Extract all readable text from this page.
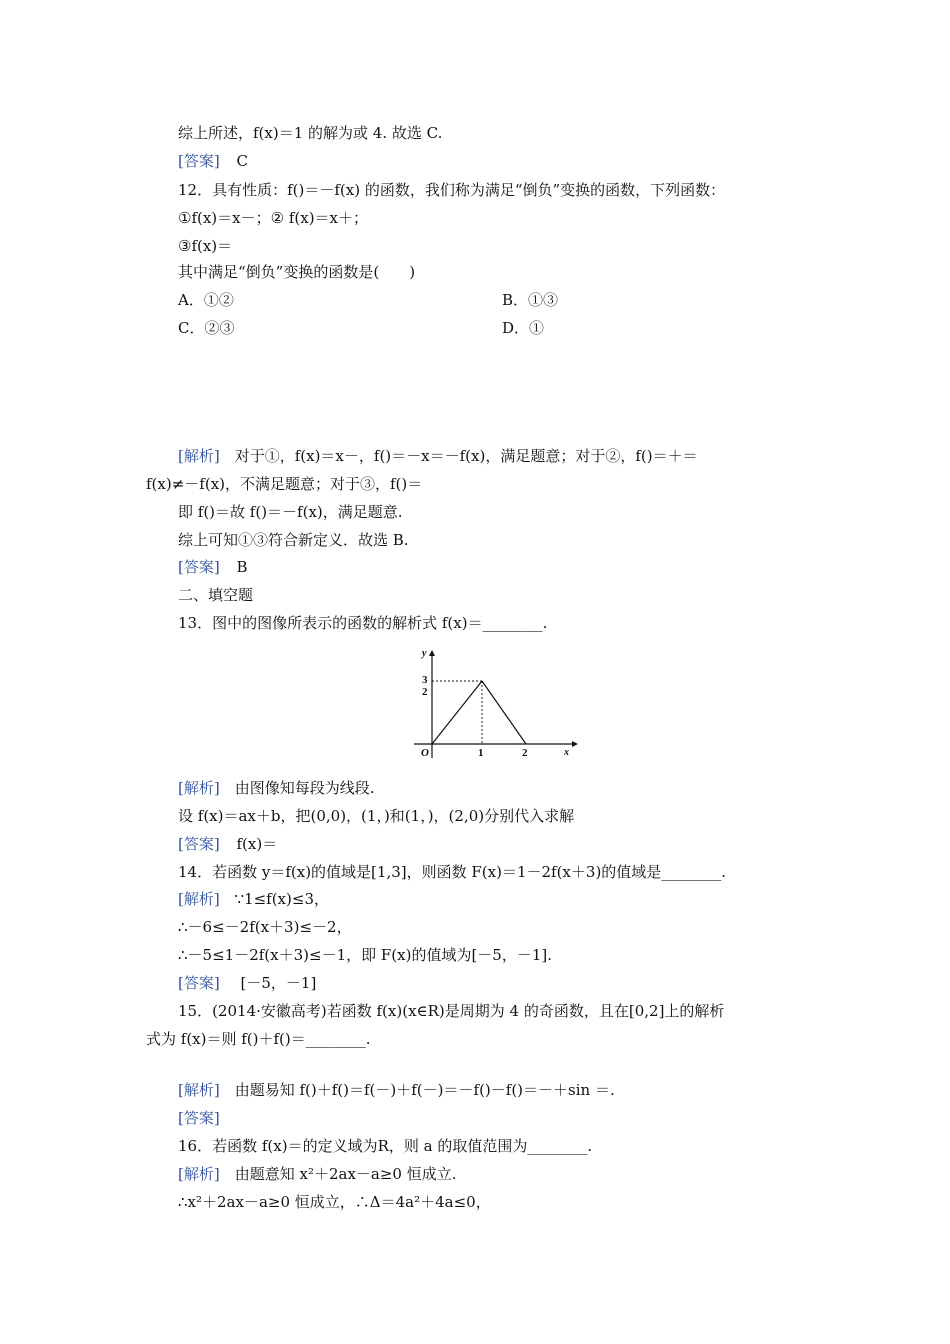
综上所述，f(x)＝1 的解为或 4. 故选 C.
[答案] C
12．具有性质：f()＝－f(x) 的函数，我们称为满足“倒负”变换的函数，下列函数：
①f(x)＝x－；② f(x)＝x＋；
③f(x)＝
其中满足“倒负”变换的函数是(　　)
A．①②	B．①③
C．②③	D．①
[解析]　对于①，f(x)＝x－，f()＝－x＝－f(x)，满足题意；对于②，f()＝＋＝
f(x)≠－f(x)，不满足题意；对于③，f()＝
即 f()＝故 f()＝－f(x)，满足题意.
综上可知①③符合新定义．故选 B.
[答案] B
二、填空题
13．图中的图像所表示的函数的解析式 f(x)＝________.
y
x
3
2
O	1	2
[解析]　由图像知每段为线段.
设 f(x)＝ax＋b，把(0,0)，(1，)和(1，)，(2,0)分别代入求解
[答案] f(x)＝
14．若函数 y＝f(x)的值域是[1,3]，则函数 F(x)＝1－2f(x＋3)的值域是________.
[解析] ∵1≤f(x)≤3，
∴－6≤－2f(x＋3)≤－2，
∴－5≤1－2f(x＋3)≤－1，即 F(x)的值域为[－5，－1].
[答案] [－5，－1]
15．(2014·安徽高考)若函数 f(x)(x∈R)是周期为 4 的奇函数，且在[0,2]上的解析
式为 f(x)＝则 f()＋f()＝________.
[解析]　由题易知 f()＋f()＝f(－)＋f(－)＝－f()－f()＝－＋sin ＝.
[答案]
16．若函数 f(x)＝的定义域为R，则 a 的取值范围为________.
[解析]　由题意知 x²＋2ax－a≥0 恒成立.
∴x²＋2ax－a≥0 恒成立，∴Δ＝4a²＋4a≤0，
